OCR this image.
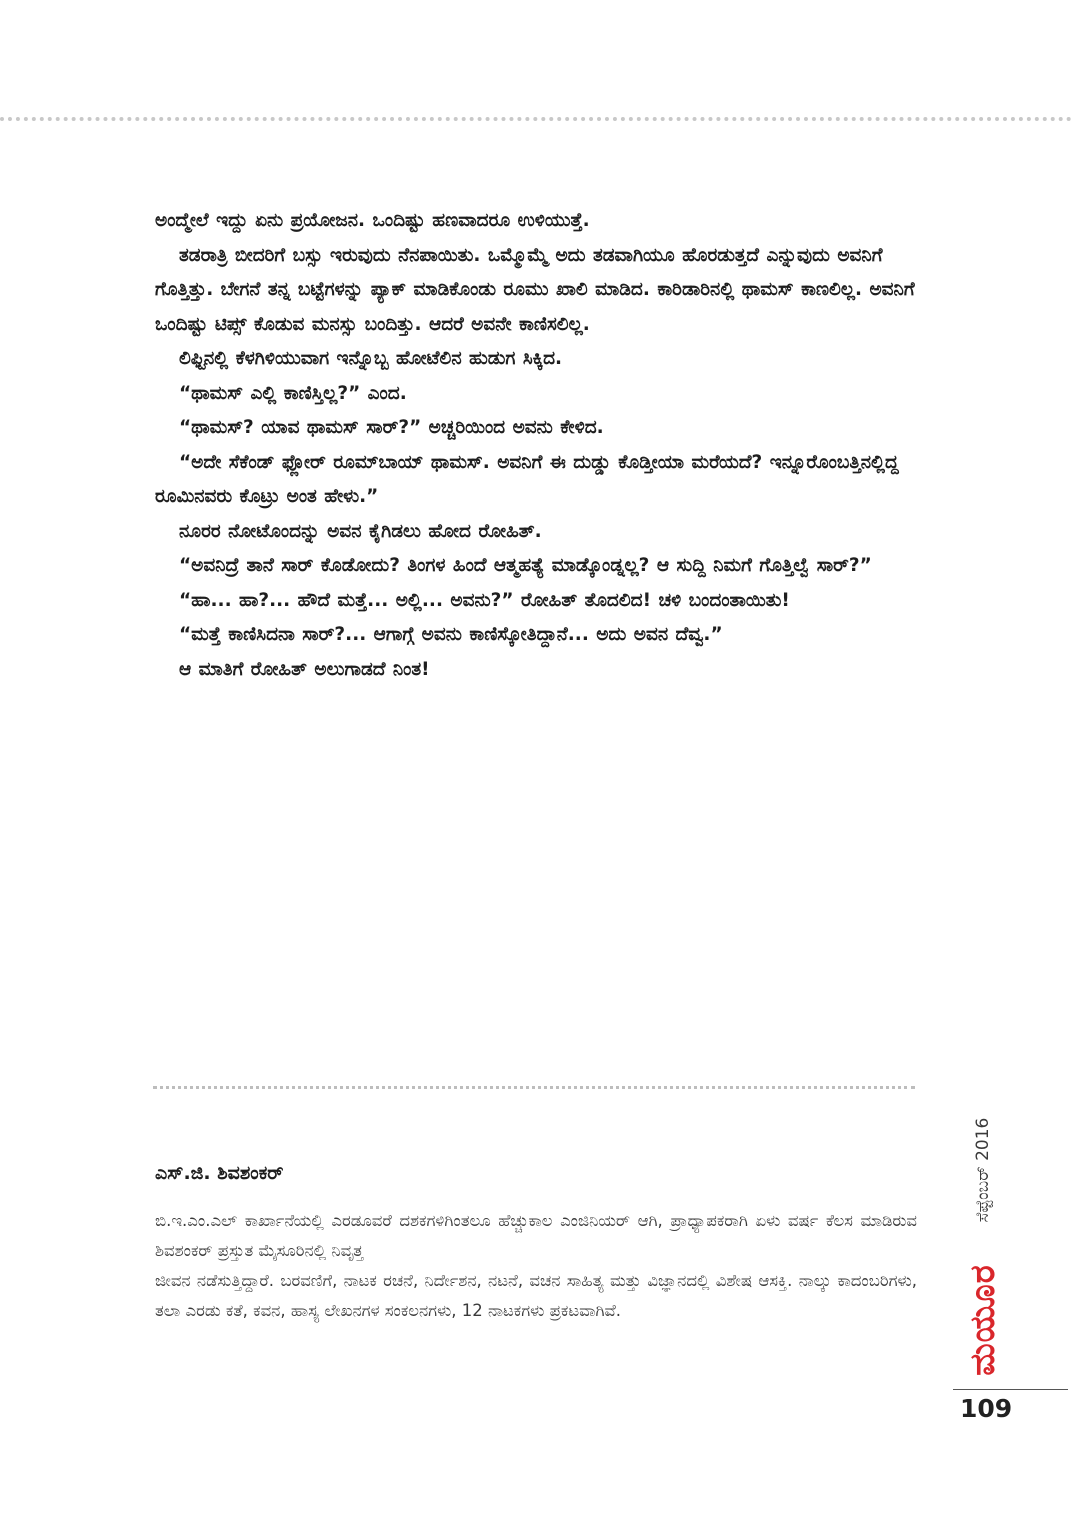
ಅಂದ್ಮೇಲೆ ಇದ್ದು ಏನು ಪ್ರಯೋಜನ. ಒಂದಿಷ್ಟು ಹಣವಾದರೂ ಉಳಿಯುತ್ತೆ.

ತಡರಾತ್ರಿ ಬೀದರಿಗೆ ಬಸ್ಸು ಇರುವುದು ನೆನಪಾಯಿತು. ಒಮ್ಮೊಮ್ಮೆ ಅದು ತಡವಾಗಿಯೂ ಹೊರಡುತ್ತದೆ ಎನ್ನುವುದು ಅವನಿಗೆ ಗೊತ್ತಿತ್ತು. ಬೇಗನೆ ತನ್ನ ಬಟ್ಟೆಗಳನ್ನು ಪ್ಯಾಕ್ ಮಾಡಿಕೊಂಡು ರೂಮು ಖಾಲಿ ಮಾಡಿದ. ಕಾರಿಡಾರಿನಲ್ಲಿ ಥಾಮಸ್ ಕಾಣಲಿಲ್ಲ. ಅವನಿಗೆ ಒಂದಿಷ್ಟು ಟಿಪ್ಸ್ ಕೊಡುವ ಮನಸ್ಸು ಬಂದಿತ್ತು. ಆದರೆ ಅವನೇ ಕಾಣಿಸಲಿಲ್ಲ.

ಲಿಫ್ಟಿನಲ್ಲಿ ಕೆಳಗಿಳಿಯುವಾಗ ಇನ್ನೊಬ್ಬ ಹೋಟೆಲಿನ ಹುಡುಗ ಸಿಕ್ಕಿದ.

“ಥಾಮಸ್ ಎಲ್ಲಿ ಕಾಣಿಸ್ತಿಲ್ಲ?” ಎಂದ.

“ಥಾಮಸ್? ಯಾವ ಥಾಮಸ್ ಸಾರ್?” ಅಚ್ಚರಿಯಿಂದ ಅವನು ಕೇಳಿದ.

“ಅದೇ ಸೆಕೆಂಡ್ ಫ್ಲೋರ್ ರೂಮ್‌ಬಾಯ್ ಥಾಮಸ್. ಅವನಿಗೆ ಈ ದುಡ್ಡು ಕೊಡ್ತೀಯಾ ಮರೆಯದೆ? ಇನ್ನೂರೊಂಬತ್ತಿನಲ್ಲಿದ್ದ ರೂಮಿನವರು ಕೊಟ್ರು ಅಂತ ಹೇಳು.”

ನೂರರ ನೋಟೊಂದನ್ನು ಅವನ ಕೈಗಿಡಲು ಹೋದ ರೋಹಿತ್.

“ಅವನಿದ್ರೆ ತಾನೆ ಸಾರ್ ಕೊಡೋದು? ತಿಂಗಳ ಹಿಂದೆ ಆತ್ಮಹತ್ಯೆ ಮಾಡ್ಕೊಂಡ್ನಲ್ಲ? ಆ ಸುದ್ದಿ ನಿಮಗೆ ಗೊತ್ತಿಲ್ವೆ ಸಾರ್?”

“ಹಾ... ಹಾ?... ಹೌದೆ ಮತ್ತೆ... ಅಲ್ಲಿ... ಅವನು?” ರೋಹಿತ್ ತೊದಲಿದ! ಚಳಿ ಬಂದಂತಾಯಿತು!

“ಮತ್ತೆ ಕಾಣಿಸಿದನಾ ಸಾರ್?... ಆಗಾಗ್ಗೆ ಅವನು ಕಾಣಿಸ್ಕೋತಿದ್ದಾನೆ... ಅದು ಅವನ ದೆವ್ವ.”

ಆ ಮಾತಿಗೆ ರೋಹಿತ್ ಅಲುಗಾಡದೆ ನಿಂತ!

ಎಸ್.ಜಿ. ಶಿವಶಂಕರ್

ಬಿ.ಇ.ಎಂ.ಎಲ್ ಕಾರ್ಖಾನೆಯಲ್ಲಿ ಎರಡೂವರೆ ದಶಕಗಳಿಗಿಂತಲೂ ಹೆಚ್ಚುಕಾಲ ಎಂಜಿನಿಯರ್ ಆಗಿ, ಪ್ರಾಧ್ಯಾಪಕರಾಗಿ ಏಳು ವರ್ಷ ಕೆಲಸ ಮಾಡಿರುವ ಶಿವಶಂಕರ್ ಪ್ರಸ್ತುತ ಮೈಸೂರಿನಲ್ಲಿ ನಿವೃತ್ತ

ಜೀವನ ನಡೆಸುತ್ತಿದ್ದಾರೆ. ಬರವಣಿಗೆ, ನಾಟಕ ರಚನೆ, ನಿರ್ದೇಶನ, ನಟನೆ, ವಚನ ಸಾಹಿತ್ಯ ಮತ್ತು ವಿಜ್ಞಾನದಲ್ಲಿ ವಿಶೇಷ ಆಸಕ್ತಿ. ನಾಲ್ಕು ಕಾದಂಬರಿಗಳು, ತಲಾ ಎರಡು ಕತೆ, ಕವನ, ಹಾಸ್ಯ ಲೇಖನಗಳ ಸಂಕಲನಗಳು, 12 ನಾಟಕಗಳು ಪ್ರಕಟವಾಗಿವೆ.

ಸೆಪ್ಟೆಂಬರ್ 2016
ಮಯೂರ
109
